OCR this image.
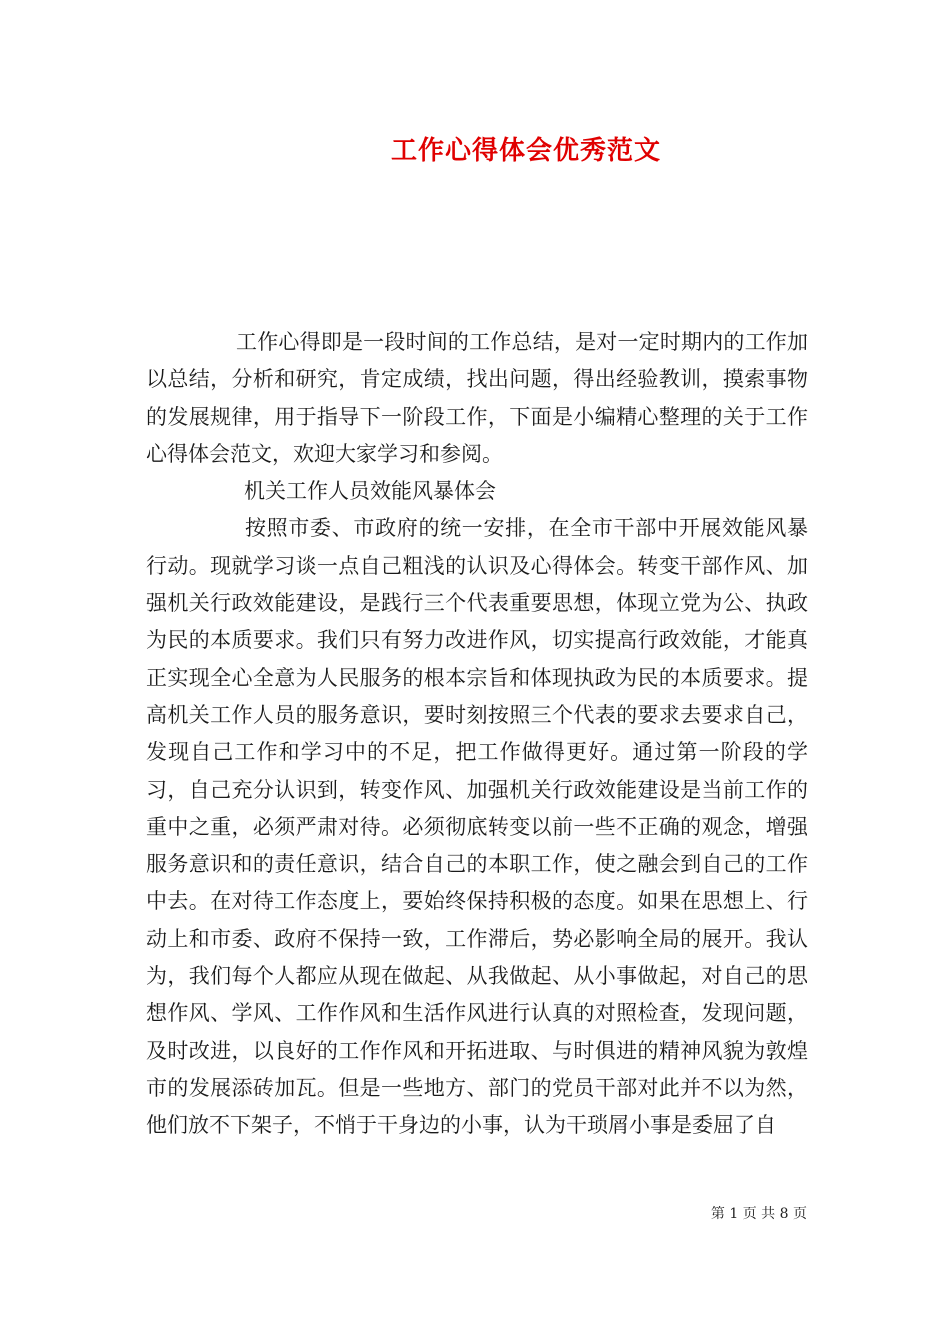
工作心得体会优秀范文

工作心得即是一段时间的工作总结，是对一定时期内的工作加以总结，分析和研究，肯定成绩，找出问题，得出经验教训，摸索事物的发展规律，用于指导下一阶段工作，下面是小编精心整理的关于工作心得体会范文，欢迎大家学习和参阅。

机关工作人员效能风暴体会

按照市委、市政府的统一安排，在全市干部中开展效能风暴行动。现就学习谈一点自己粗浅的认识及心得体会。转变干部作风、加强机关行政效能建设，是践行三个代表重要思想，体现立党为公、执政为民的本质要求。我们只有努力改进作风，切实提高行政效能，才能真正实现全心全意为人民服务的根本宗旨和体现执政为民的本质要求。提高机关工作人员的服务意识，要时刻按照三个代表的要求去要求自己，发现自己工作和学习中的不足，把工作做得更好。通过第一阶段的学习，自己充分认识到，转变作风、加强机关行政效能建设是当前工作的重中之重，必须严肃对待。必须彻底转变以前一些不正确的观念，增强服务意识和的责任意识，结合自己的本职工作，使之融会到自己的工作中去。在对待工作态度上，要始终保持积极的态度。如果在思想上、行动上和市委、政府不保持一致，工作滞后，势必影响全局的展开。我认为，我们每个人都应从现在做起、从我做起、从小事做起，对自己的思想作风、学风、工作作风和生活作风进行认真的对照检查，发现问题，及时改进，以良好的工作作风和开拓进取、与时俱进的精神风貌为敦煌市的发展添砖加瓦。但是一些地方、部门的党员干部对此并不以为然，他们放不下架子，不悄于干身边的小事，认为干琐屑小事是委屈了自

第 1 页 共 8 页
